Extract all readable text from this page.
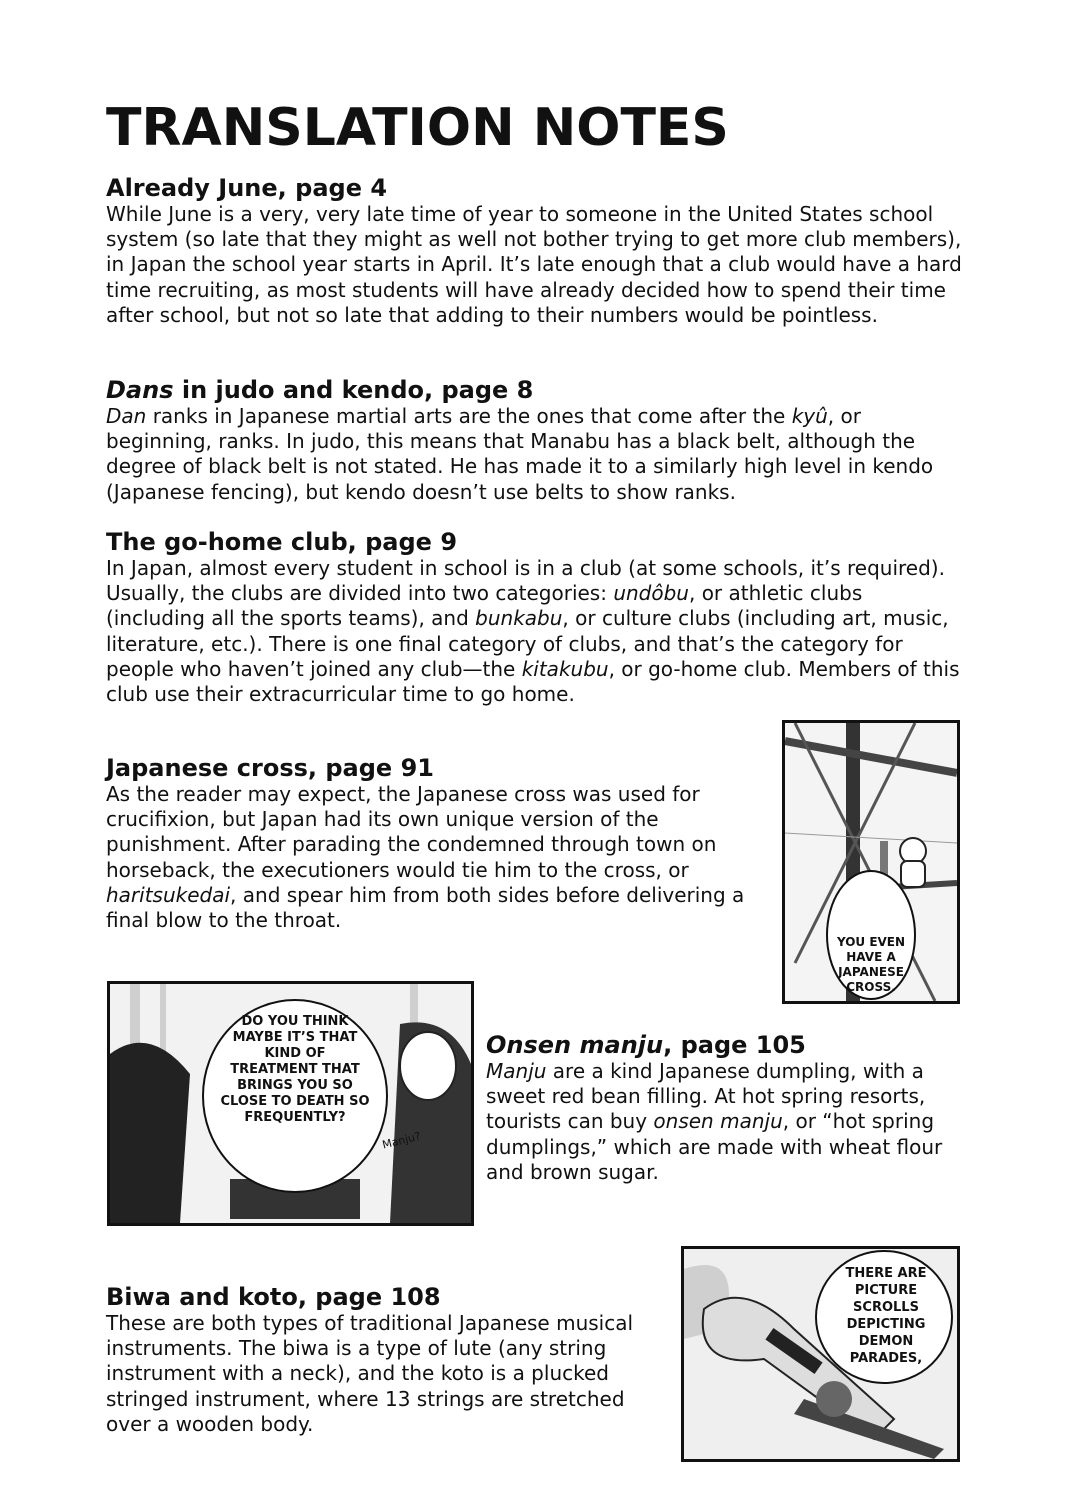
TRANSLATION NOTES
Already June, page 4

While June is a very, very late time of year to someone in the United States school system (so late that they might as well not bother trying to get more club members), in Japan the school year starts in April. It’s late enough that a club would have a hard time recruiting, as most students will have already decided how to spend their time after school, but not so late that adding to their numbers would be pointless.

Dans in judo and kendo, page 8

Dan ranks in Japanese martial arts are the ones that come after the kyû, or beginning, ranks. In judo, this means that Manabu has a black belt, although the degree of black belt is not stated. He has made it to a similarly high level in kendo (Japanese fencing), but kendo doesn’t use belts to show ranks.

The go-home club, page 9

In Japan, almost every student in school is in a club (at some schools, it’s required). Usually, the clubs are divided into two categories: undôbu, or athletic clubs (including all the sports teams), and bunkabu, or culture clubs (including art, music, literature, etc.). There is one final category of clubs, and that’s the category for people who haven’t joined any club—the kitakubu, or go-home club. Members of this club use their extracurricular time to go home.

Japanese cross, page 91

As the reader may expect, the Japanese cross was used for crucifixion, but Japan had its own unique version of the punishment. After parading the condemned through town on horseback, the executioners would tie him to the cross, or haritsukedai, and spear him from both sides before delivering a final blow to the throat.

YOU EVEN HAVE A JAPANESE CROSS.
DO YOU THINK MAYBE IT’S THAT KIND OF TREATMENT THAT BRINGS YOU SO CLOSE TO DEATH SO FREQUENTLY?
Manju?
Onsen manju, page 105

Manju are a kind Japanese dumpling, with a sweet red bean filling. At hot spring resorts, tourists can buy onsen manju, or “hot spring dumplings,” which are made with wheat flour and brown sugar.

THERE ARE PICTURE SCROLLS DEPICTING DEMON PARADES,
Biwa and koto, page 108

These are both types of traditional Japanese musical instruments. The biwa is a type of lute (any string instrument with a neck), and the koto is a plucked stringed instrument, where 13 strings are stretched over a wooden body.
